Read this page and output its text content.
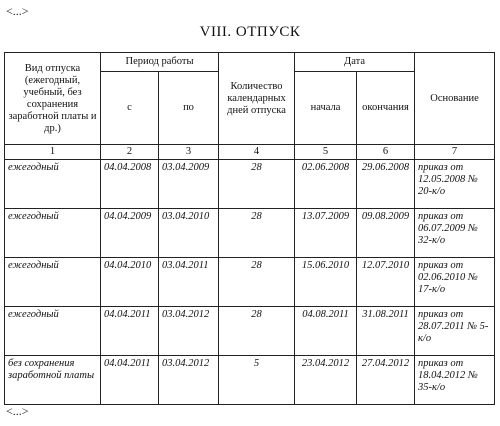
<...>
VIII. ОТПУСК
Вид отпуска (ежегодный, учебный, без сохранения заработной платы и др.)	Период работы		Количество календарных дней отпуска	Дата		Основание
	с	по		начала	окончания	
1	2	3	4	5	6	7
ежегодный	04.04.2008	03.04.2009	28	02.06.2008	29.06.2008	приказ от 12.05.2008 № 20-к/о
ежегодный	04.04.2009	03.04.2010	28	13.07.2009	09.08.2009	приказ от 06.07.2009 № 32-к/о
ежегодный	04.04.2010	03.04.2011	28	15.06.2010	12.07.2010	приказ от 02.06.2010 № 17-к/о
ежегодный	04.04.2011	03.04.2012	28	04.08.2011	31.08.2011	приказ от 28.07.2011 № 5-к/о
без сохранения заработной платы	04.04.2011	03.04.2012	5	23.04.2012	27.04.2012	приказ от 18.04.2012 № 35-к/о
<...>
